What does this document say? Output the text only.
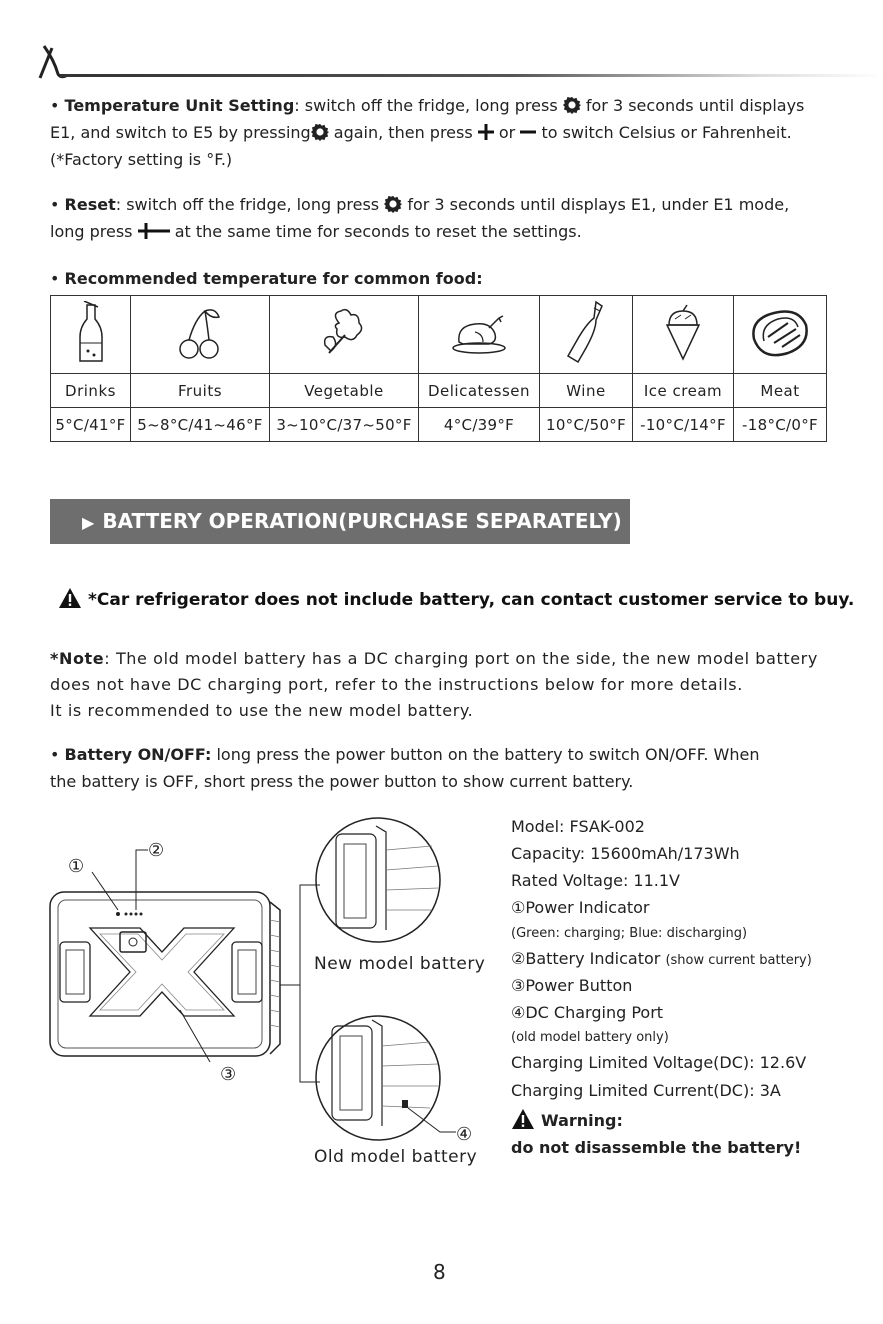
• Temperature Unit Setting: switch off the fridge, long press for 3 seconds until displays
E1, and switch to E5 by pressing again, then press or to switch Celsius or Fahrenheit.
(*Factory setting is °F.)
• Reset: switch off the fridge, long press for 3 seconds until displays E1, under E1 mode,
long press	at the same time for seconds to reset the settings.
• Recommended temperature for common food:

Drinks	Fruits	Vegetable	Delicatessen	Wine	Ice cream	Meat
5°C/41°F	5~8°C/41~46°F	3~10°C/37~50°F	4°C/39°F	10°C/50°F	-10°C/14°F	-18°C/0°F
▶ BATTERY OPERATION(PURCHASE SEPARATELY)
*Car refrigerator does not include battery, can contact customer service to buy.
*Note: The old model battery has a DC charging port on the side, the new model battery
does not have DC charging port, refer to the instructions below for more details.
It is recommended to use the new model battery.
• Battery ON/OFF: long press the power button on the battery to switch ON/OFF. When
the battery is OFF, short press the power button to show current battery.
①
②
③
④
New model battery
Old model battery
Model: FSAK-002
Capacity: 15600mAh/173Wh
Rated Voltage: 11.1V
①Power Indicator
(Green: charging; Blue: discharging)
②Battery Indicator (show current battery)
③Power Button
④DC Charging Port
(old model battery only)
Charging Limited Voltage(DC): 12.6V
Charging Limited Current(DC): 3A
Warning:
do not disassemble the battery!
8
